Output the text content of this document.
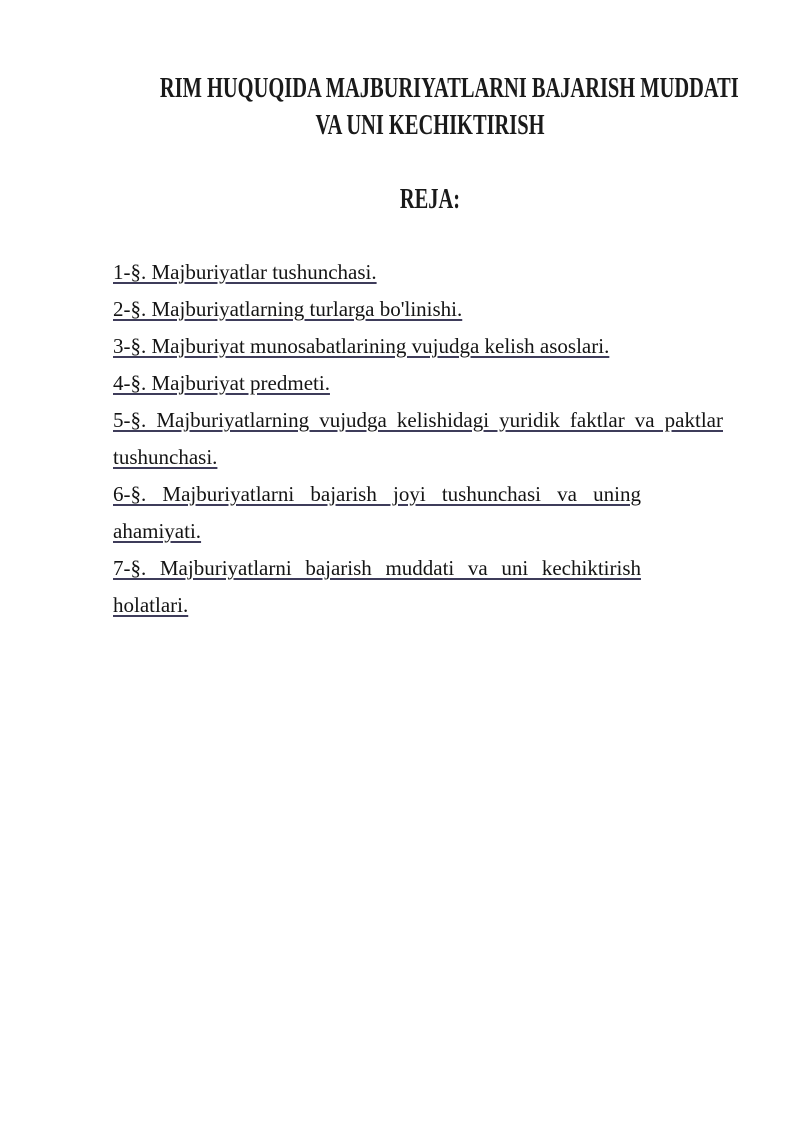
RIM HUQUQIDA MAJBURIYATLARNI BAJARISH MUDDATI
VA UNI KECHIKTIRISH
REJA:
1-§. Majburiyatlar tushunchasi.
2-§. Majburiyatlarning turlarga bo'linishi.
3-§. Majburiyat munosabatlarining vujudga kelish asoslari.
4-§. Majburiyat predmeti.
5-§. Majburiyatlarning vujudga kelishidagi yuridik faktlar va paktlar
tushunchasi.
6-§. Majburiyatlarni bajarish joyi tushunchasi va uning
ahamiyati.
7-§. Majburiyatlarni bajarish muddati va uni kechiktirish
holatlari.
